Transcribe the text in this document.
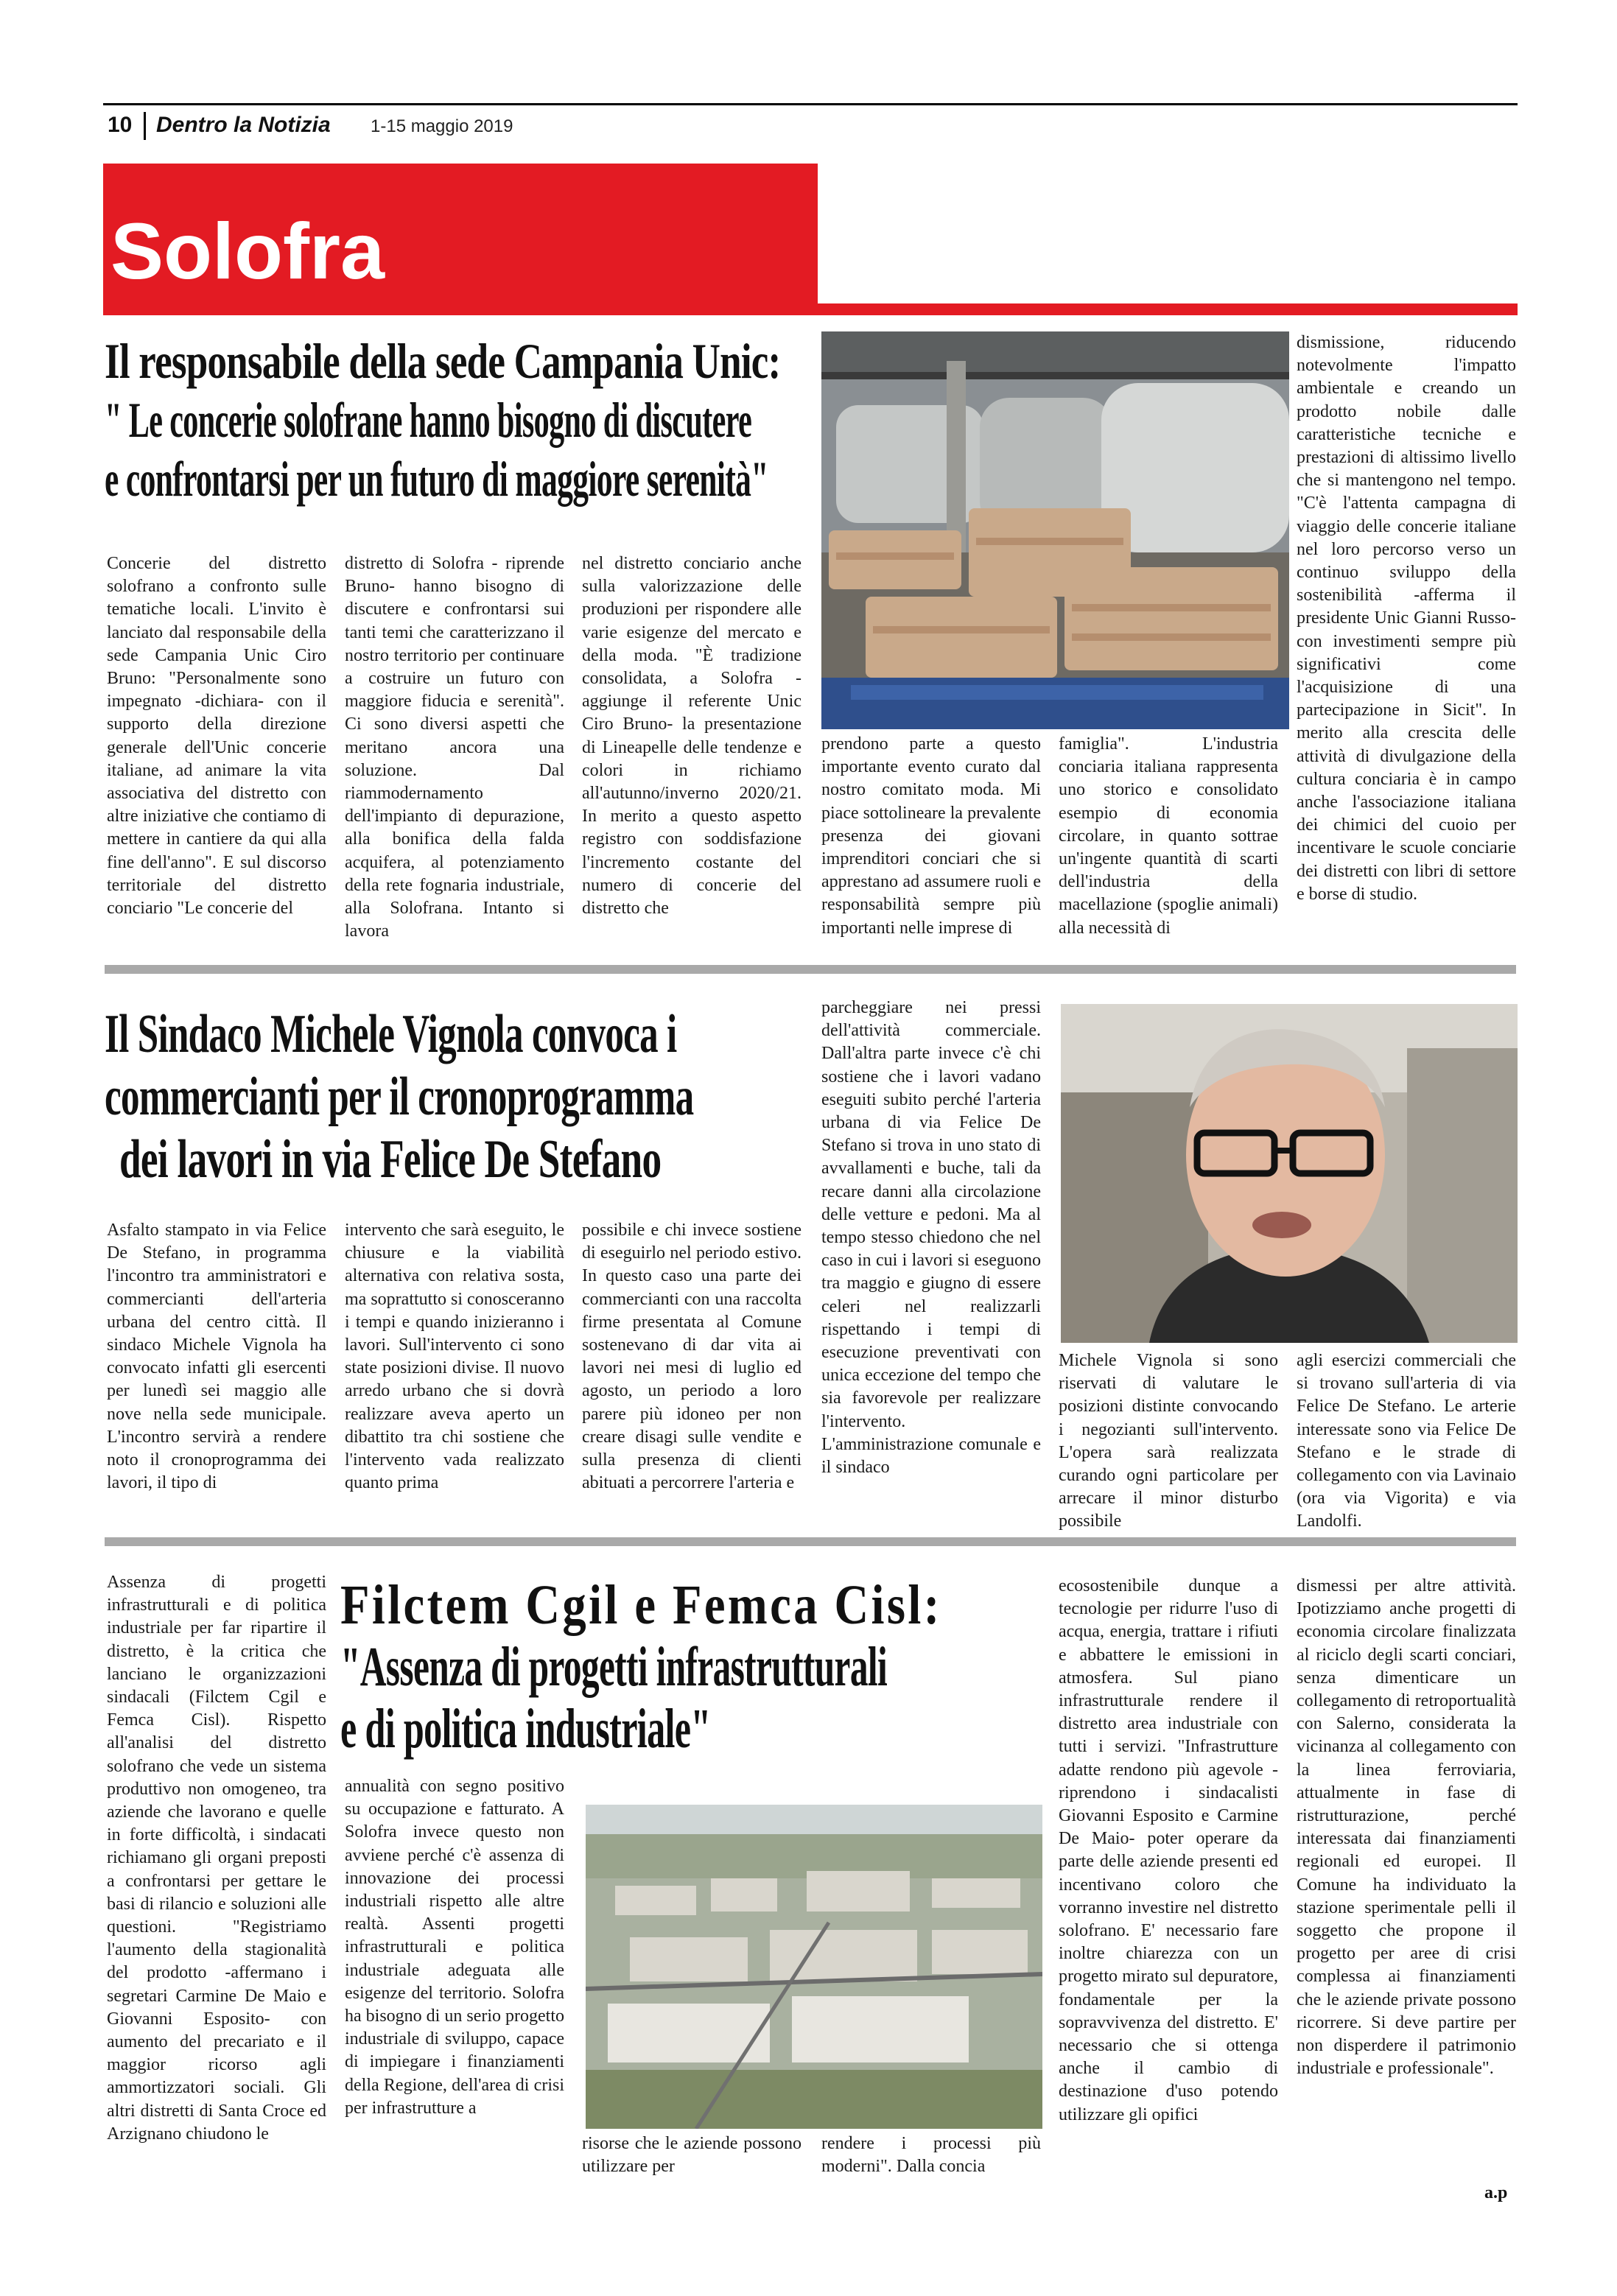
10 Dentro la Notizia 1-15 maggio 2019
Solofra
Il responsabile della sede Campania Unic:
" Le concerie solofrane hanno bisogno di discutere
e confrontarsi per un futuro di maggiore serenità"
Concerie del distretto solofrano a confronto sulle tematiche locali. L'invito è lanciato dal responsabile della sede Campania Unic Ciro Bruno: "Personalmente sono impegnato -dichiara- con il supporto della direzione generale dell'Unic concerie italiane, ad animare la vita associativa del distretto con altre iniziative che contiamo di mettere in cantiere da qui alla fine dell'anno". E sul discorso territoriale del distretto conciario "Le concerie del
distretto di Solofra - riprende Bruno- hanno bisogno di discutere e confrontarsi sui tanti temi che caratterizzano il nostro territorio per continuare a costruire un futuro con maggiore fiducia e serenità". Ci sono diversi aspetti che meritano ancora una soluzione. Dal riammodernamento dell'impianto di depurazione, alla bonifica della falda acquifera, al potenziamento della rete fognaria industriale, alla Solofrana. Intanto si lavora
nel distretto conciario anche sulla valorizzazione delle produzioni per rispondere alle varie esigenze del mercato e della moda. "È tradizione consolidata, a Solofra - aggiunge il referente Unic Ciro Bruno- la presentazione di Lineapelle delle tendenze e colori in richiamo all'autunno/inverno 2020/21. In merito a questo aspetto registro con soddisfazione l'incremento costante del numero di concerie del distretto che
prendono parte a questo importante evento curato dal nostro comitato moda. Mi piace sottolineare la prevalente presenza dei giovani imprenditori conciari che si apprestano ad assumere ruoli e responsabilità sempre più importanti nelle imprese di
famiglia". L'industria conciaria italiana rappresenta uno storico e consolidato esempio di economia circolare, in quanto sottrae un'ingente quantità di scarti dell'industria della macellazione (spoglie animali) alla necessità di
dismissione, riducendo notevolmente l'impatto ambientale e creando un prodotto nobile dalle caratteristiche tecniche e prestazioni di altissimo livello che si mantengono nel tempo. "C'è l'attenta campagna di viaggio delle concerie italiane nel loro percorso verso un continuo sviluppo della sostenibilità -afferma il presidente Unic Gianni Russo- con investimenti sempre più significativi come l'acquisizione di una partecipazione in Sicit". In merito alla crescita delle attività di divulgazione della cultura conciaria è in campo anche l'associazione italiana dei chimici del cuoio per incentivare le scuole conciarie dei distretti con libri di settore e borse di studio.
Il Sindaco Michele Vignola convoca i
commercianti per il cronoprogramma
dei lavori in via Felice De Stefano
Asfalto stampato in via Felice De Stefano, in programma l'incontro tra amministratori e commercianti dell'arteria urbana del centro città. Il sindaco Michele Vignola ha convocato infatti gli esercenti per lunedì sei maggio alle nove nella sede municipale. L'incontro servirà a rendere noto il cronoprogramma dei lavori, il tipo di
intervento che sarà eseguito, le chiusure e la viabilità alternativa con relativa sosta, ma soprattutto si conosceranno i tempi e quando inizieranno i lavori. Sull'intervento ci sono state posizioni divise. Il nuovo arredo urbano che si dovrà realizzare aveva aperto un dibattito tra chi sostiene che l'intervento vada realizzato quanto prima
possibile e chi invece sostiene di eseguirlo nel periodo estivo. In questo caso una parte dei commercianti con una raccolta firme presentata al Comune sostenevano di dar vita ai lavori nei mesi di luglio ed agosto, un periodo a loro parere più idoneo per non creare disagi sulle vendite e sulla presenza di clienti abituati a percorrere l'arteria e
parcheggiare nei pressi dell'attività commerciale. Dall'altra parte invece c'è chi sostiene che i lavori vadano eseguiti subito perché l'arteria urbana di via Felice De Stefano si trova in uno stato di avvallamenti e buche, tali da recare danni alla circolazione delle vetture e pedoni. Ma al tempo stesso chiedono che nel caso in cui i lavori si eseguono tra maggio e giugno di essere celeri nel realizzarli rispettando i tempi di esecuzione preventivati con unica eccezione del tempo che sia favorevole per realizzare l'intervento. L'amministrazione comunale e il sindaco
Michele Vignola si sono riservati di valutare le posizioni distinte convocando i negozianti sull'intervento. L'opera sarà realizzata curando ogni particolare per arrecare il minor disturbo possibile
agli esercizi commerciali che si trovano sull'arteria di via Felice De Stefano. Le arterie interessate sono via Felice De Stefano e le strade di collegamento con via Lavinaio (ora via Vigorita) e via Landolfi.
Assenza di progetti infrastrutturali e di politica industriale per far ripartire il distretto, è la critica che lanciano le organizzazioni sindacali (Filctem Cgil e Femca Cisl). Rispetto all'analisi del distretto solofrano che vede un sistema produttivo non omogeneo, tra aziende che lavorano e quelle in forte difficoltà, i sindacati richiamano gli organi preposti a confrontarsi per gettare le basi di rilancio e soluzioni alle questioni. "Registriamo l'aumento della stagionalità del prodotto -affermano i segretari Carmine De Maio e Giovanni Esposito- con aumento del precariato e il maggior ricorso agli ammortizzatori sociali. Gli altri distretti di Santa Croce ed Arzignano chiudono le
Filctem Cgil e Femca Cisl:
"Assenza di progetti infrastrutturali
e di politica industriale"
annualità con segno positivo su occupazione e fatturato. A Solofra invece questo non avviene perché c'è assenza di innovazione dei processi industriali rispetto alle altre realtà. Assenti progetti infrastrutturali e politica industriale adeguata alle esigenze del territorio. Solofra ha bisogno di un serio progetto industriale di sviluppo, capace di impiegare i finanziamenti della Regione, dell'area di crisi per infrastrutture a
risorse che le aziende possono utilizzare per
rendere i processi più moderni". Dalla concia
ecosostenibile dunque a tecnologie per ridurre l'uso di acqua, energia, trattare i rifiuti e abbattere le emissioni in atmosfera. Sul piano infrastrutturale rendere il distretto area industriale con tutti i servizi. "Infrastrutture adatte rendono più agevole -riprendono i sindacalisti Giovanni Esposito e Carmine De Maio- poter operare da parte delle aziende presenti ed incentivano coloro che vorranno investire nel distretto solofrano. E' necessario fare inoltre chiarezza con un progetto mirato sul depuratore, fondamentale per la sopravvivenza del distretto. E' necessario che si ottenga anche il cambio di destinazione d'uso potendo utilizzare gli opifici
dismessi per altre attività. Ipotizziamo anche progetti di economia circolare finalizzata al riciclo degli scarti conciari, senza dimenticare un collegamento di retroportualità con Salerno, considerata la vicinanza al collegamento con la linea ferroviaria, attualmente in fase di ristrutturazione, perché interessata dai finanziamenti regionali ed europei. Il Comune ha individuato la stazione sperimentale pelli il soggetto che propone il progetto per aree di crisi complessa ai finanziamenti che le aziende private possono ricorrere. Si deve partire per non disperdere il patrimonio industriale e professionale".
a.p
